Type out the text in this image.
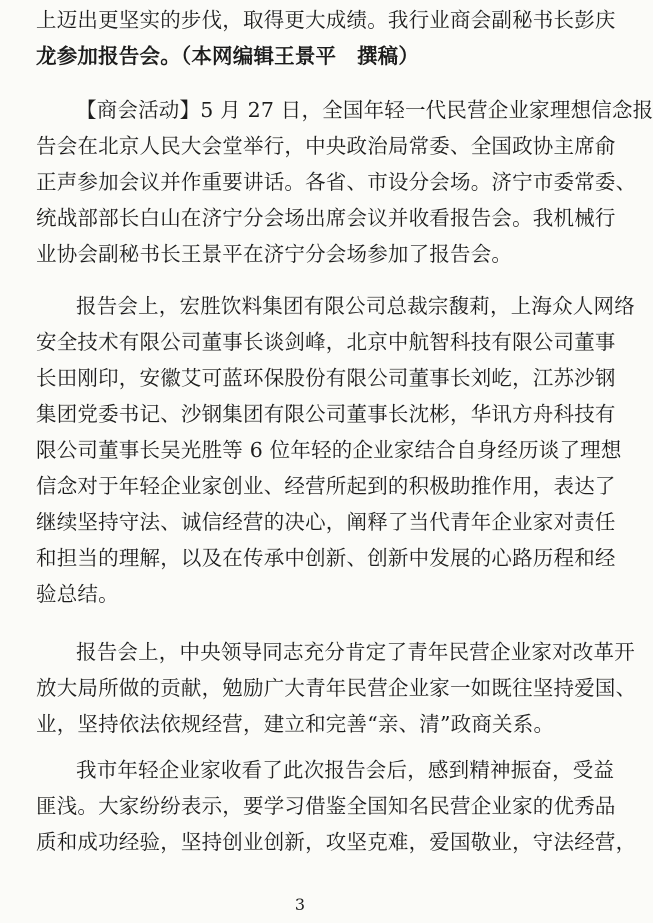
上迈出更坚实的步伐，取得更大成绩。我行业商会副秘书长彭庆
龙参加报告会。（本网编辑王景平　撰稿）
【商会活动】5 月 27 日，全国年轻一代民营企业家理想信念报
告会在北京人民大会堂举行，中央政治局常委、全国政协主席俞
正声参加会议并作重要讲话。各省、市设分会场。济宁市委常委、
统战部部长白山在济宁分会场出席会议并收看报告会。我机械行
业协会副秘书长王景平在济宁分会场参加了报告会。
报告会上，宏胜饮料集团有限公司总裁宗馥莉，上海众人网络
安全技术有限公司董事长谈剑峰，北京中航智科技有限公司董事
长田刚印，安徽艾可蓝环保股份有限公司董事长刘屹，江苏沙钢
集团党委书记、沙钢集团有限公司董事长沈彬，华讯方舟科技有
限公司董事长吴光胜等 6 位年轻的企业家结合自身经历谈了理想
信念对于年轻企业家创业、经营所起到的积极助推作用，表达了
继续坚持守法、诚信经营的决心，阐释了当代青年企业家对责任
和担当的理解，以及在传承中创新、创新中发展的心路历程和经
验总结。
报告会上，中央领导同志充分肯定了青年民营企业家对改革开
放大局所做的贡献，勉励广大青年民营企业家一如既往坚持爱国、
业，坚持依法依规经营，建立和完善“亲、清”政商关系。
我市年轻企业家收看了此次报告会后，感到精神振奋，受益
匪浅。大家纷纷表示，要学习借鉴全国知名民营企业家的优秀品
质和成功经验，坚持创业创新，攻坚克难，爱国敬业，守法经营，
3
